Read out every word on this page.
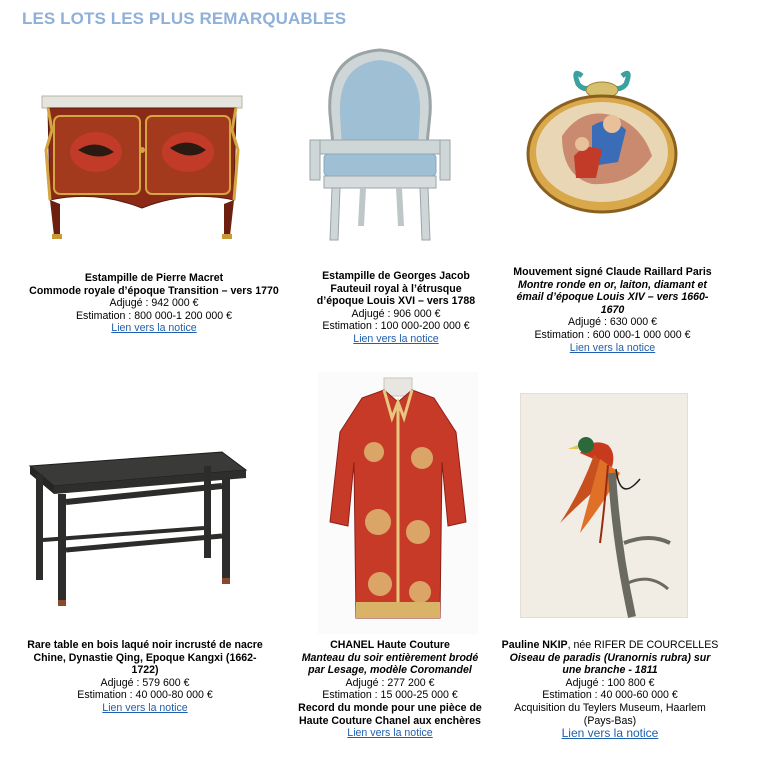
LES LOTS LES PLUS REMARQUABLES
Estampille de Pierre Macret
Commode royale d’époque Transition – vers 1770
Adjugé : 942 000 €
Estimation : 800 000-1 200 000 €
Lien vers la notice
Estampille de Georges Jacob
Fauteuil royal à l’étrusque
d’époque Louis XVI – vers 1788
Adjugé : 906 000 €
Estimation : 100 000-200 000 €
Lien vers la notice
Mouvement signé Claude Raillard Paris
Montre ronde en or, laiton, diamant et
émail d’époque Louis XIV – vers 1660-
1670
Adjugé : 630 000 €
Estimation : 600 000-1 000 000 €
Lien vers la notice
Rare table en bois laqué noir incrusté de nacre
Chine, Dynastie Qing, Epoque Kangxi (1662-
1722)
Adjugé : 579 600 €
Estimation : 40 000-80 000 €
Lien vers la notice
CHANEL Haute Couture
Manteau du soir entièrement brodé
par Lesage, modèle Coromandel
Adjugé : 277 200 €
Estimation : 15 000-25 000 €
Record du monde pour une pièce de
Haute Couture Chanel aux enchères
Lien vers la notice
Pauline NKIP, née RIFER DE COURCELLES
Oiseau de paradis (Uranornis rubra) sur
une branche - 1811
Adjugé : 100 800 €
Estimation : 40 000-60 000 €
Acquisition du Teylers Museum, Haarlem
(Pays-Bas)
Lien vers la notice
